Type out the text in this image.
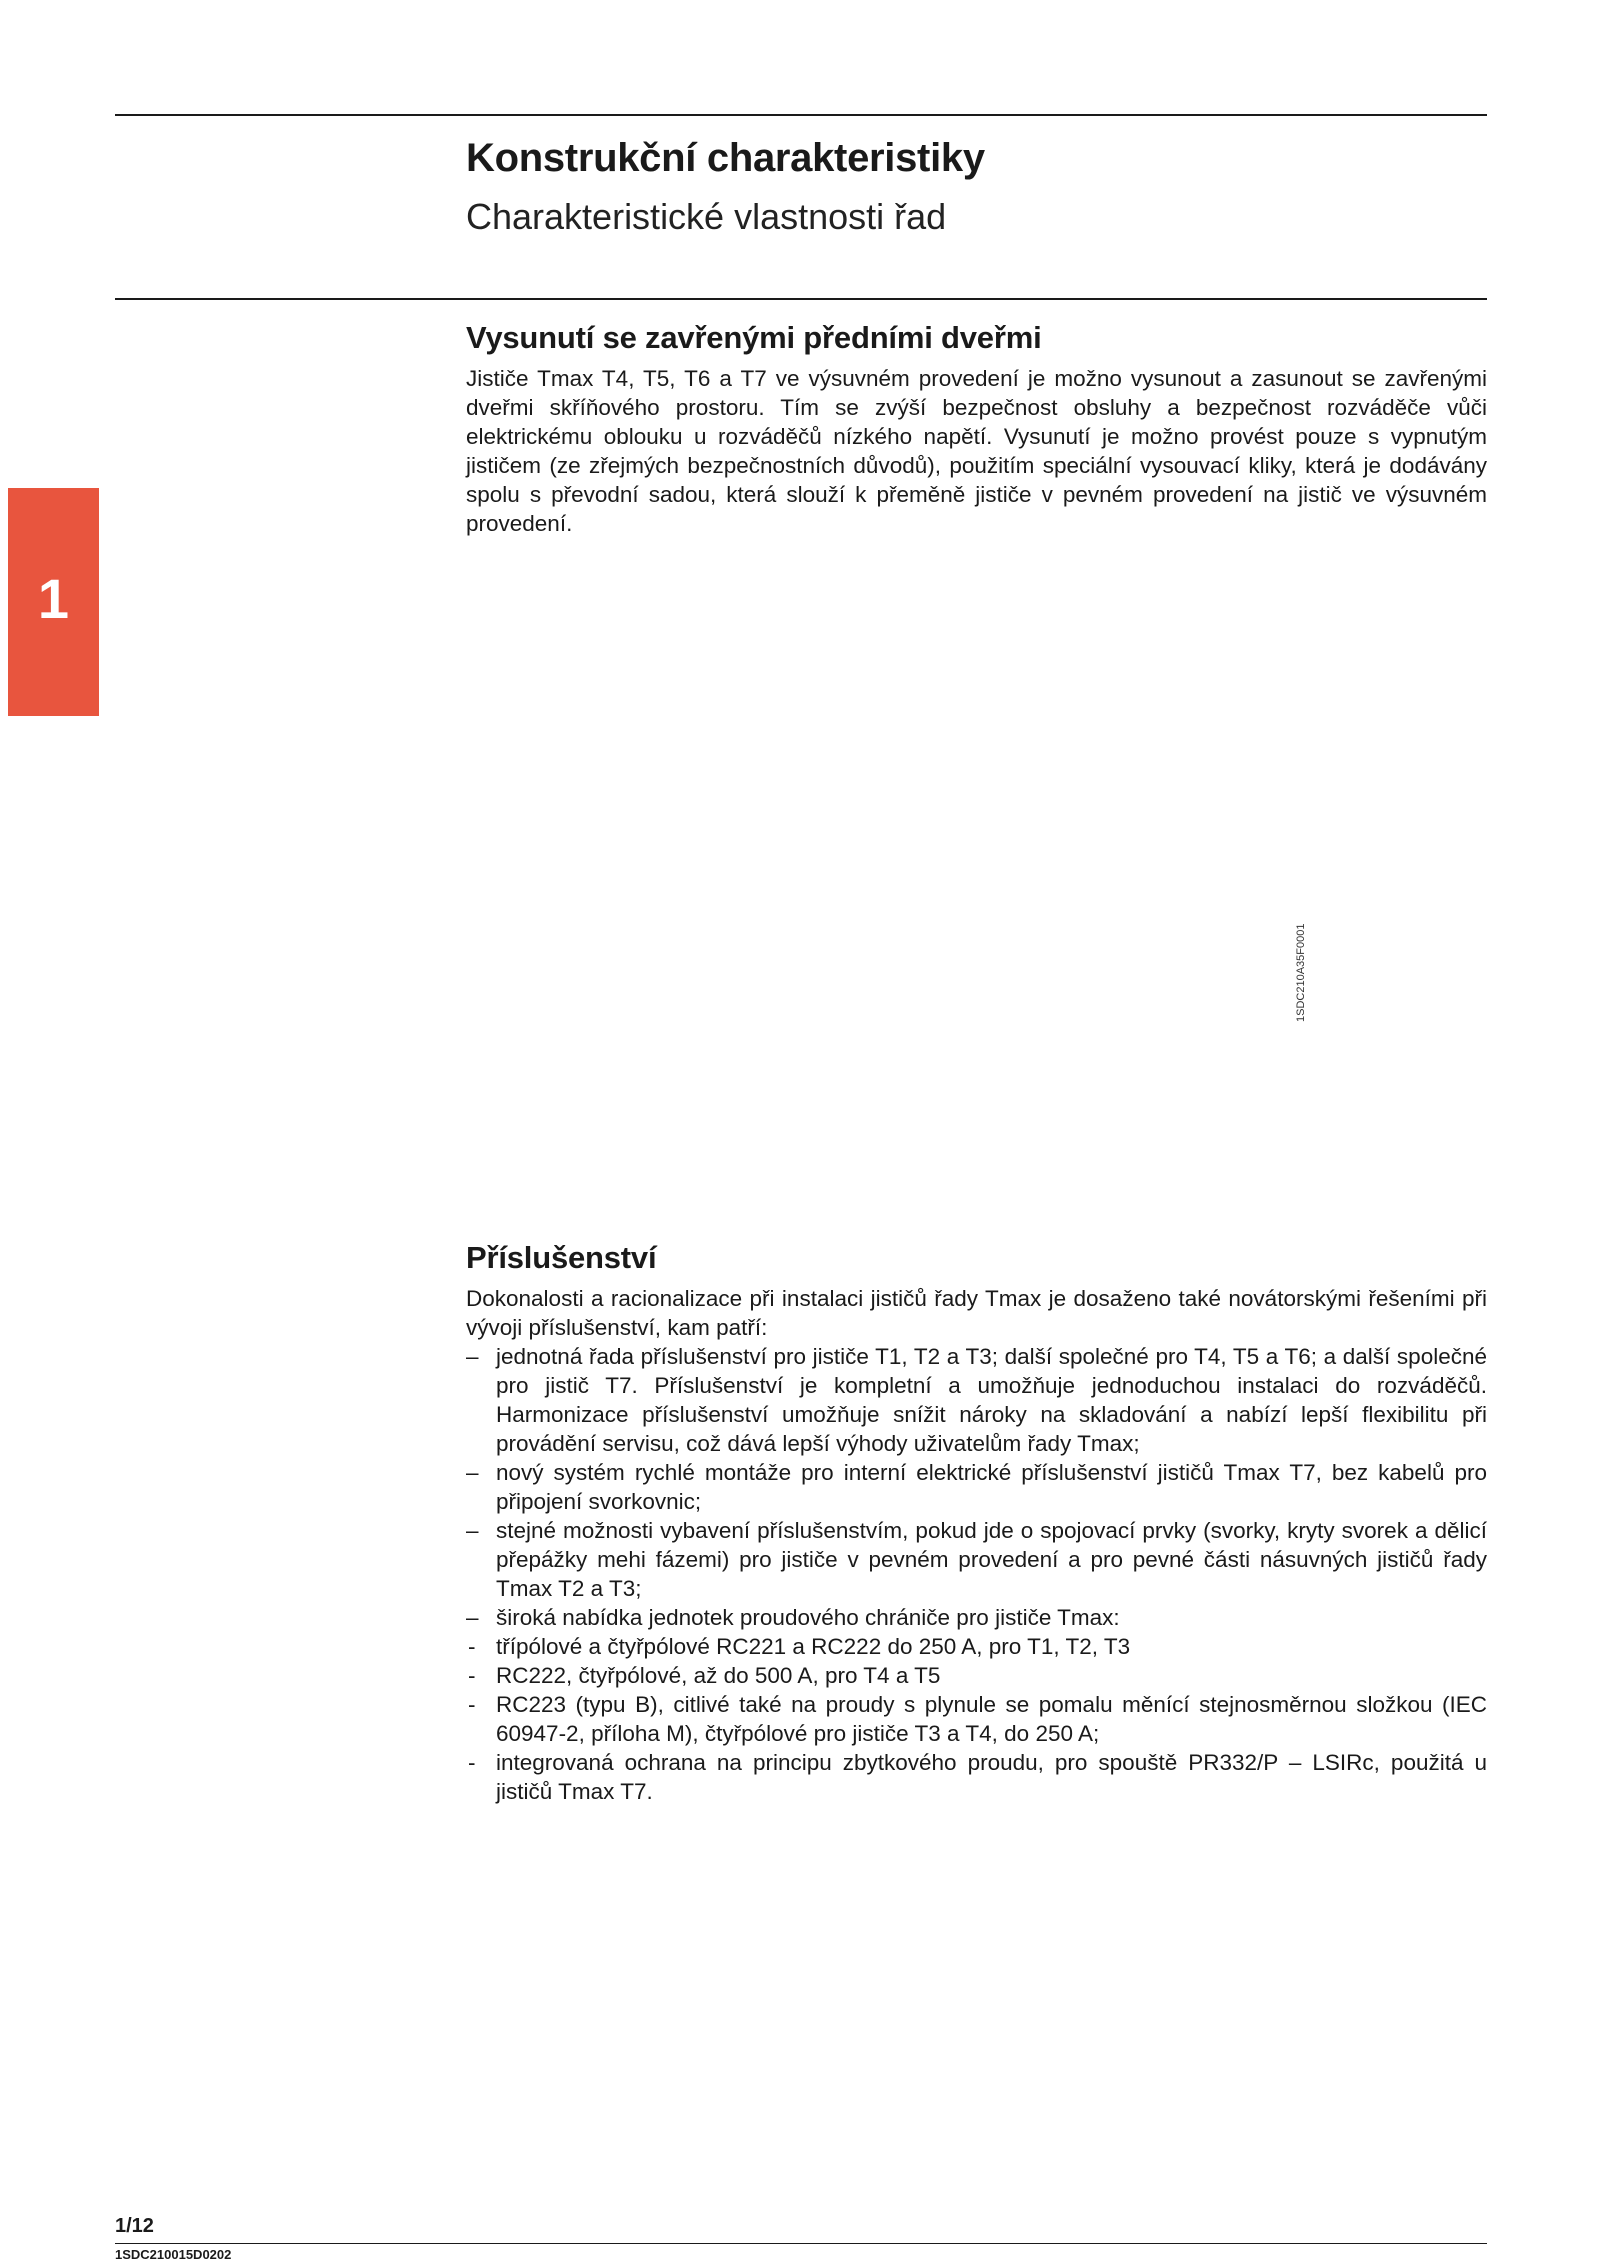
Konstrukční charakteristiky
Charakteristické vlastnosti řad
1
Vysunutí se zavřenými předními dveřmi

Jističe Tmax T4, T5, T6 a T7 ve výsuvném provedení je možno vysunout a zasunout se zavřenými dveřmi skříňového prostoru. Tím se zvýší bezpečnost obsluhy a bezpečnost rozváděče vůči elektrickému oblouku u rozváděčů nízkého napětí. Vysunutí je možno provést pouze s vypnutým jističem (ze zřejmých bezpečnostních důvodů), použitím speciální vysouvací kliky, která je dodávány spolu s převodní sadou, která slouží k přeměně jističe v pevném provedení na jistič ve výsuvném provedení.

1SDC210A35F0001
Příslušenství

Dokonalosti a racionalizace při instalaci jističů řady Tmax je dosaženo také novátorskými řešeními při vývoji příslušenství, kam patří:

– jednotná řada příslušenství pro jističe T1, T2 a T3; další společné pro T4, T5 a T6; a další společné pro jistič T7. Příslušenství je kompletní a umožňuje jednoduchou instalaci do rozváděčů. Harmonizace příslušenství umožňuje snížit nároky na skladování a nabízí lepší flexibilitu při provádění servisu, což dává lepší výhody uživatelům řady Tmax;
– nový systém rychlé montáže pro interní elektrické příslušenství jističů Tmax T7, bez kabelů pro připojení svorkovnic;
– stejné možnosti vybavení příslušenstvím, pokud jde o spojovací prvky (svorky, kryty svorek a dělicí přepážky mehi fázemi) pro jističe v pevném provedení a pro pevné části násuvných jističů řady Tmax T2 a T3;
– široká nabídka jednotek proudového chrániče pro jističe Tmax:
- třípólové a čtyřpólové RC221 a RC222 do 250 A, pro T1, T2, T3
- RC222, čtyřpólové, až do 500 A, pro T4 a T5
- RC223 (typu B), citlivé také na proudy s plynule se pomalu měnící stejnosměrnou složkou (IEC 60947-2, příloha M), čtyřpólové pro jističe T3 a T4, do 250 A;
- integrovaná ochrana na principu zbytkového proudu, pro spouště PR332/P – LSIRc, použitá u jističů Tmax T7.
1/12
1SDC210015D0202
